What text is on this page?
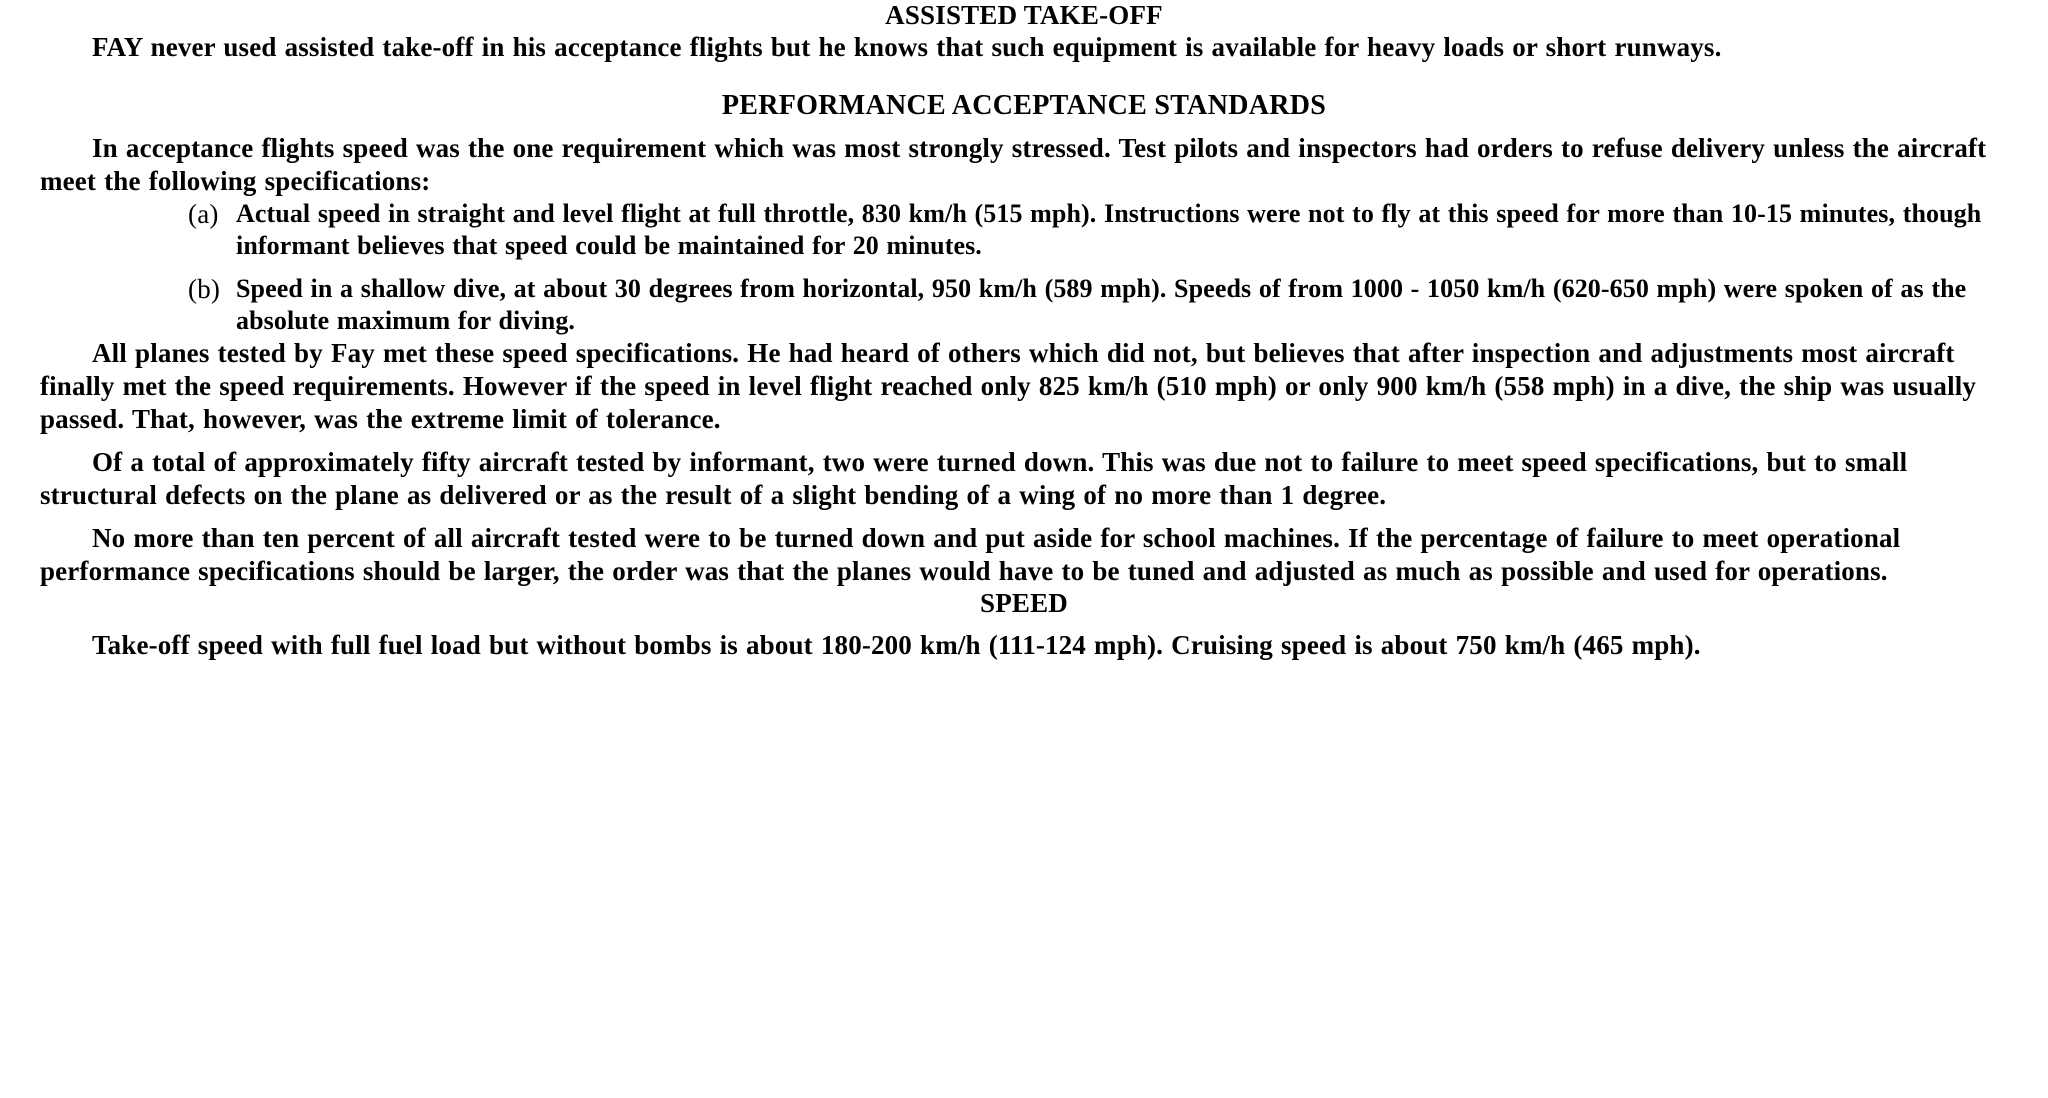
ASSISTED TAKE-OFF

FAY never used assisted take-off in his acceptance flights but he knows that such equipment is available for heavy loads or short runways.

PERFORMANCE ACCEPTANCE STANDARDS

In acceptance flights speed was the one requirement which was most strongly stressed. Test pilots and inspectors had orders to refuse delivery unless the aircraft meet the following specifications:

(a) Actual speed in straight and level flight at full throttle, 830 km/h (515 mph). Instructions were not to fly at this speed for more than 10-15 minutes, though informant believes that speed could be maintained for 20 minutes.
(b) Speed in a shallow dive, at about 30 degrees from horizontal, 950 km/h (589 mph). Speeds of from 1000 - 1050 km/h (620-650 mph) were spoken of as the absolute maximum for diving.

All planes tested by Fay met these speed specifications. He had heard of others which did not, but believes that after inspection and adjustments most aircraft finally met the speed requirements. However if the speed in level flight reached only 825 km/h (510 mph) or only 900 km/h (558 mph) in a dive, the ship was usually passed. That, however, was the extreme limit of tolerance.

Of a total of approximately fifty aircraft tested by informant, two were turned down. This was due not to failure to meet speed specifications, but to small structural defects on the plane as delivered or as the result of a slight bending of a wing of no more than 1 degree.

No more than ten percent of all aircraft tested were to be turned down and put aside for school machines. If the percentage of failure to meet operational performance specifications should be larger, the order was that the planes would have to be tuned and adjusted as much as possible and used for operations.

SPEED

Take-off speed with full fuel load but without bombs is about 180-200 km/h (111-124 mph). Cruising speed is about 750 km/h (465 mph).
